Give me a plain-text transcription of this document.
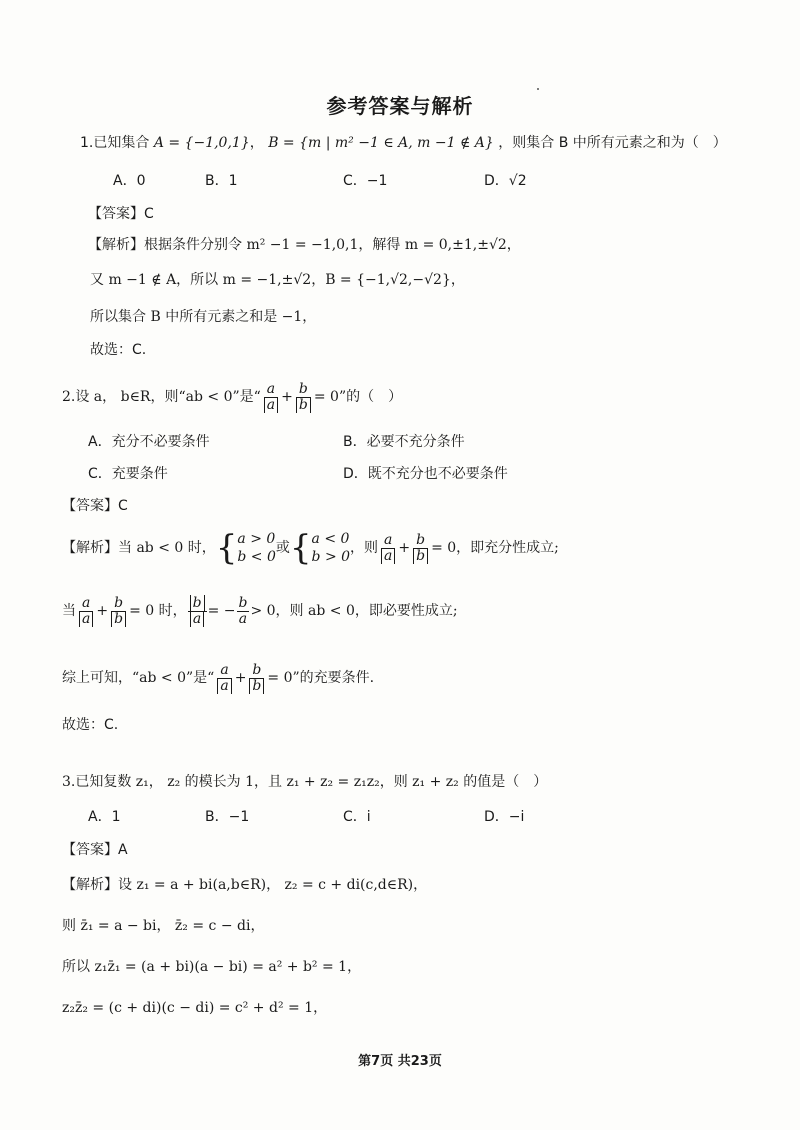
参考答案与解析
1.已知集合 A = {−1,0,1}， B = {m | m² −1 ∈ A, m −1 ∉ A} ，则集合 B 中所有元素之和为（　）
A．0	B．1	C．−1	D．√2
【答案】C
【解析】根据条件分别令 m² −1 = −1,0,1，解得 m = 0,±1,±√2，
又 m −1 ∉ A，所以 m = −1,±√2，B = {−1,√2,−√2}，
所以集合 B 中所有元素之和是 −1，
故选：C.
2.设 a， b∈R，则“ab < 0”是“ $\frac{a}{a} + \frac{b}{b} = 0$”的（　）
A．充分不必要条件	B．必要不充分条件
C．充要条件	D．既不充分也不必要条件
【答案】C
【解析】当 ab < 0 时，{ a > 0
b < 0
或{ a < 0
b > 0
，则 $\frac{a}{a} + \frac{b}{b} = 0$，即充分性成立;
当 $\frac{a}{a} + \frac{b}{b} = 0$ 时， $\frac{b}{a}$ = − $\frac{b}{a} > 0$，则 ab < 0，即必要性成立;
综上可知，“ab < 0”是“ $\frac{a}{a} + \frac{b}{b} = 0$”的充要条件.
故选：C.
3.已知复数 z₁， z₂ 的模长为 1，且 z₁ + z₂ = z₁z₂，则 z₁ + z₂ 的值是（　）
A．1	B．−1	C．i	D．−i
【答案】A
【解析】设 z₁ = a + bi(a,b∈R)， z₂ = c + di(c,d∈R)，
则 z̄₁ = a − bi， z̄₂ = c − di，
所以 z₁z̄₁ = (a + bi)(a − bi) = a² + b² = 1，
z₂z̄₂ = (c + di)(c − di) = c² + d² = 1，
第7页 共23页
